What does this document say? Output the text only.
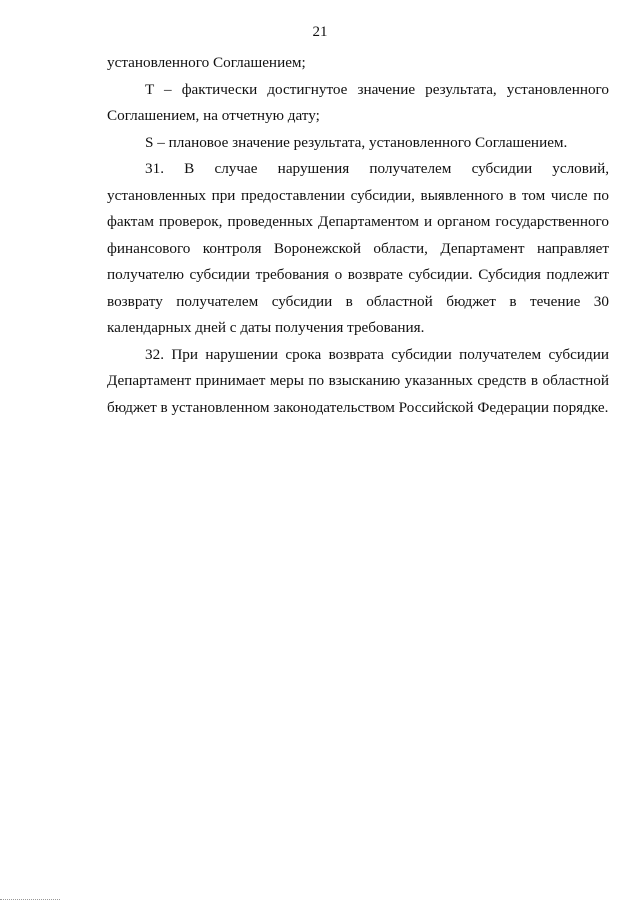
21

установленного Соглашением;

T – фактически достигнутое значение результата, установленного Соглашением, на отчетную дату;

S – плановое значение результата, установленного Соглашением.

31. В случае нарушения получателем субсидии условий, установленных при предоставлении субсидии, выявленного в том числе по фактам проверок, проведенных Департаментом и органом государственного финансового контроля Воронежской области, Департамент направляет получателю субсидии требования о возврате субсидии. Субсидия подлежит возврату получателем субсидии в областной бюджет в течение 30 календарных дней с даты получения требования.

32. При нарушении срока возврата субсидии получателем субсидии Департамент принимает меры по взысканию указанных средств в областной бюджет в установленном законодательством Российской Федерации порядке.
